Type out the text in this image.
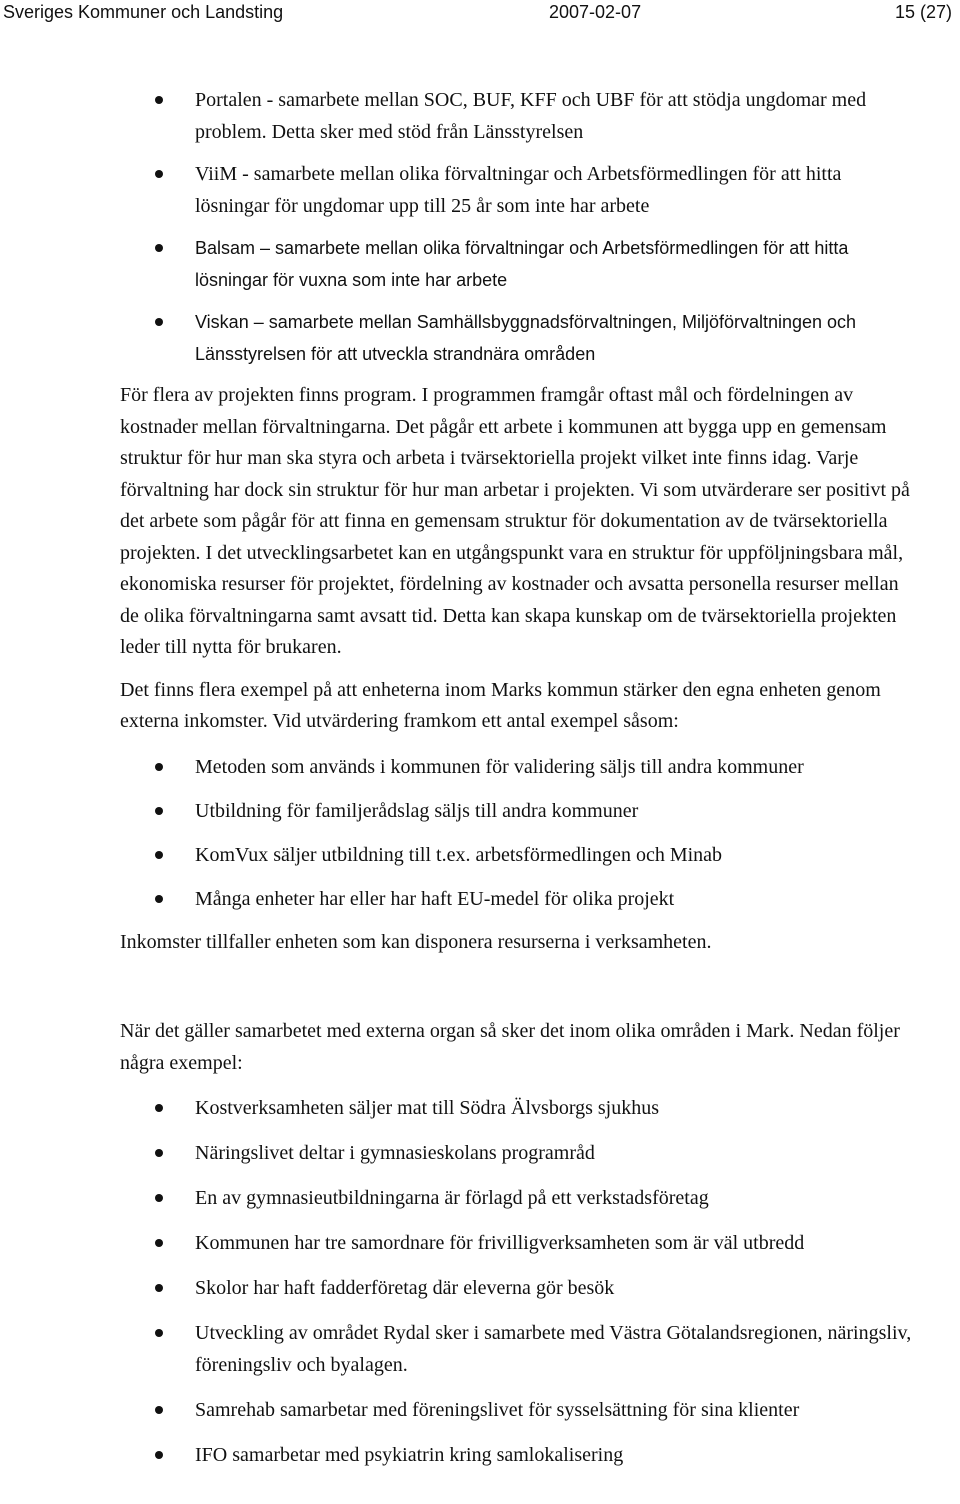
Sveriges Kommuner och Landsting	2007-02-07	15 (27)
Portalen - samarbete mellan SOC, BUF, KFF och UBF för att stödja ungdomar med problem. Detta sker med stöd från Länsstyrelsen
ViiM - samarbete mellan olika förvaltningar och Arbetsförmedlingen för att hitta lösningar för ungdomar upp till 25 år som inte har arbete
Balsam – samarbete mellan olika förvaltningar och Arbetsförmedlingen för att hitta lösningar för vuxna som inte har arbete
Viskan – samarbete mellan Samhällsbyggnadsförvaltningen, Miljöförvaltningen och Länsstyrelsen för att utveckla strandnära områden

För flera av projekten finns program. I programmen framgår oftast mål och fördelningen av kostnader mellan förvaltningarna. Det pågår ett arbete i kommunen att bygga upp en gemensam struktur för hur man ska styra och arbeta i tvärsektoriella projekt vilket inte finns idag. Varje förvaltning har dock sin struktur för hur man arbetar i projekten. Vi som utvärderare ser positivt på det arbete som pågår för att finna en gemensam struktur för dokumentation av de tvärsektoriella projekten. I det utvecklingsarbetet kan en utgångspunkt vara en struktur för uppföljningsbara mål, ekonomiska resurser för projektet, fördelning av kostnader och avsatta personella resurser mellan de olika förvaltningarna samt avsatt tid. Detta kan skapa kunskap om de tvärsektoriella projekten leder till nytta för brukaren.

Det finns flera exempel på att enheterna inom Marks kommun stärker den egna enheten genom externa inkomster. Vid utvärdering framkom ett antal exempel såsom:

Metoden som används i kommunen för validering säljs till andra kommuner
Utbildning för familjerådslag säljs till andra kommuner
KomVux säljer utbildning till t.ex. arbetsförmedlingen och Minab
Många enheter har eller har haft EU-medel för olika projekt

Inkomster tillfaller enheten som kan disponera resurserna i verksamheten.

När det gäller samarbetet med externa organ så sker det inom olika områden i Mark. Nedan följer några exempel:

Kostverksamheten säljer mat till Södra Älvsborgs sjukhus
Näringslivet deltar i gymnasieskolans programråd
En av gymnasieutbildningarna är förlagd på ett verkstadsföretag
Kommunen har tre samordnare för frivilligverksamheten som är väl utbredd
Skolor har haft fadderföretag där eleverna gör besök
Utveckling av området Rydal sker i samarbete med Västra Götalandsregionen, näringsliv, föreningsliv och byalagen.
Samrehab samarbetar med föreningslivet för sysselsättning för sina klienter
IFO samarbetar med psykiatrin kring samlokalisering
